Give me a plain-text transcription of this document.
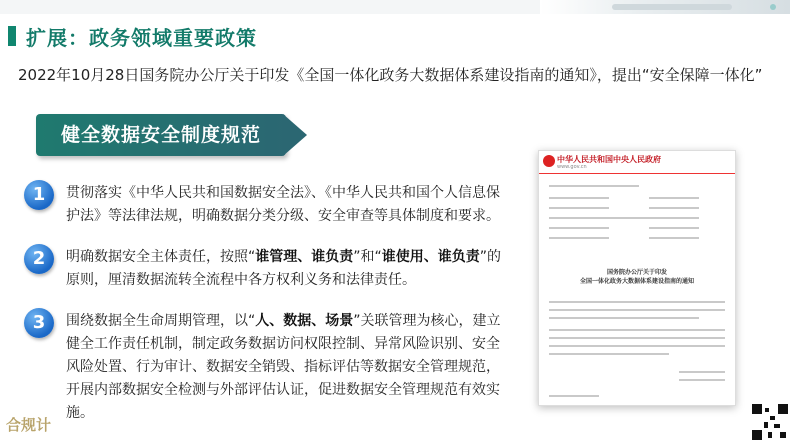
扩展：政务领域重要政策
2022年10月28日国务院办公厅关于印发《全国一体化政务大数据体系建设指南的通知》，提出“安全保障一体化”
健全数据安全制度规范
1	贯彻落实《中华人民共和国数据安全法》、《中华人民共和国个人信息保护法》等法律法规，明确数据分类分级、安全审查等具体制度和要求。
2	明确数据安全主体责任，按照“谁管理、谁负责”和“谁使用、谁负责”的原则，厘清数据流转全流程中各方权利义务和法律责任。
3	围绕数据全生命周期管理，以“人、数据、场景”关联管理为核心，建立健全工作责任机制，制定政务数据访问权限控制、异常风险识别、安全风险处置、行为审计、数据安全销毁、指标评估等数据安全管理规范，开展内部数据安全检测与外部评估认证，促进数据安全管理规范有效实施。
中华人民共和国中央人民政府
www.gov.cn
国务院办公厅关于印发
全国一体化政务大数据体系建设指南的通知
合规计
